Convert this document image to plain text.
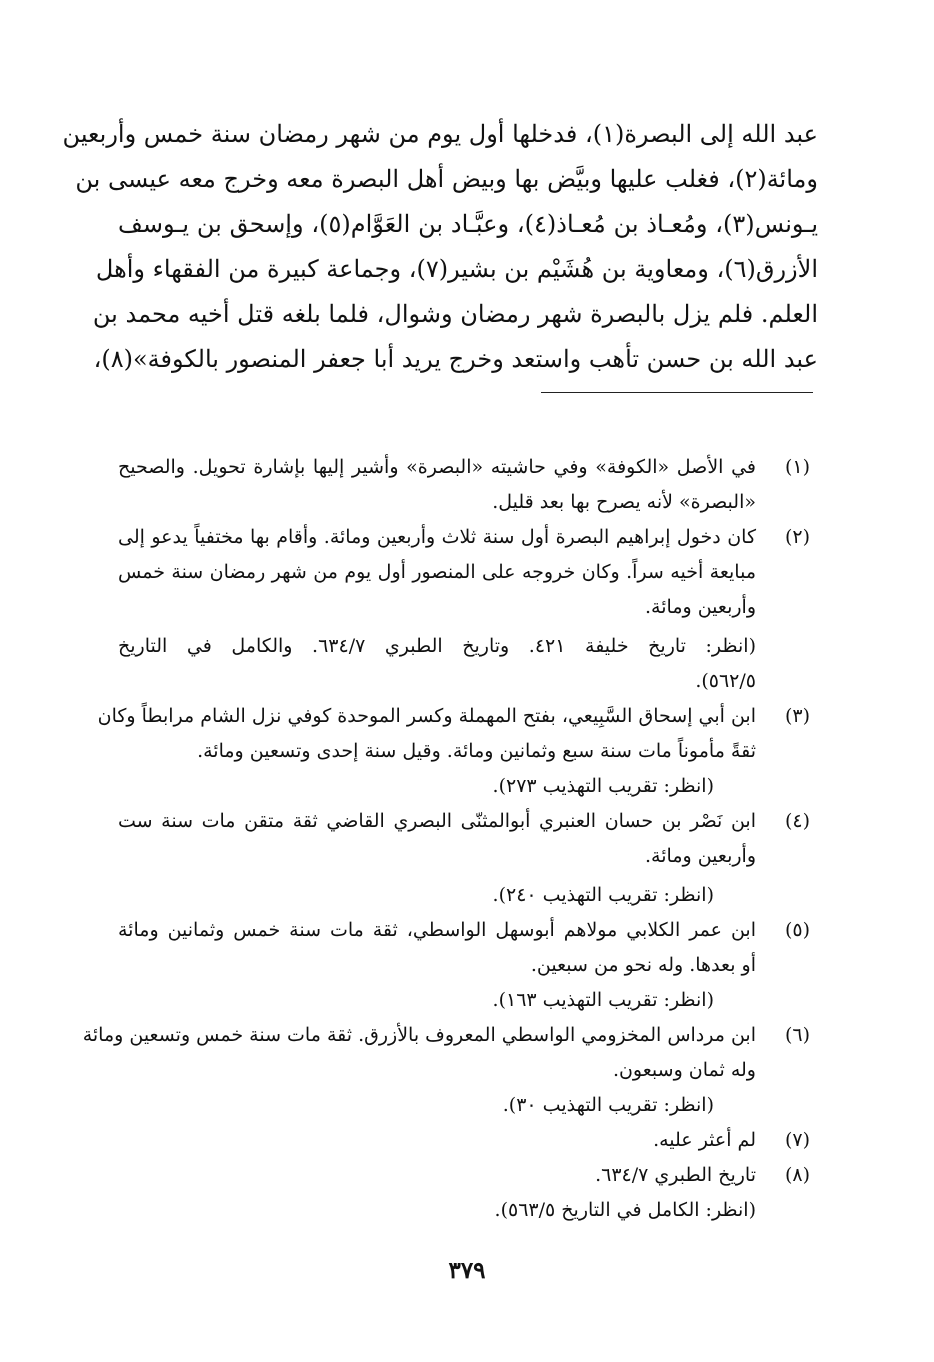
عبد الله إلى البصرة(١)، فدخلها أول يوم من شهر رمضان سنة خمس وأربعين
ومائة(٢)، فغلب عليها وبيَّض بها وبيض أهل البصرة معه وخرج معه عيسى بن
يـونس(٣)، ومُعـاذ بن مُعـاذ(٤)، وعبَّـاد بن العَوَّام(٥)، وإسحق بن يـوسف
الأزرق(٦)، ومعاوية بن هُشَيْم بن بشير(٧)، وجماعة كبيرة من الفقهاء وأهل
العلم. فلم يزل بالبصرة شهر رمضان وشوال، فلما بلغه قتل أخيه محمد بن
عبد الله بن حسن تأهب واستعد وخرج يريد أبا جعفر المنصور بالكوفة»(٨)،
(١)
في الأصل «الكوفة» وفي حاشيته «البصرة» وأشير إليها بإشارة تحويل. والصحيح
«البصرة» لأنه يصرح بها بعد قليل.
(٢)
كان دخول إبراهيم البصرة أول سنة ثلاث وأربعين ومائة. وأقام بها مختفياً يدعو إلى
مبايعة أخيه سراً. وكان خروجه على المنصور أول يوم من شهر رمضان سنة خمس
وأربعين ومائة.
(انظر: تاريخ خليفة ٤٢١. وتاريخ الطبري ٦٣٤/٧. والكامل في التاريخ
٥٦٢/٥).
(٣)
ابن أبي إسحاق السَّبِيعي، بفتح المهملة وكسر الموحدة كوفي نزل الشام مرابطاً وكان
ثقةً مأموناً مات سنة سبع وثمانين ومائة. وقيل سنة إحدى وتسعين ومائة.
(انظر: تقريب التهذيب ٢٧٣).
(٤)
ابن نَصْر بن حسان العنبري أبوالمثنّى البصري القاضي ثقة متقن مات سنة ست
وأربعين ومائة.
(انظر: تقريب التهذيب ٢٤٠).
(٥)
ابن عمر الكلابي مولاهم أبوسهل الواسطي، ثقة مات سنة خمس وثمانين ومائة
أو بعدها. وله نحو من سبعين.
(انظر: تقريب التهذيب ١٦٣).
(٦)
ابن مرداس المخزومي الواسطي المعروف بالأزرق. ثقة مات سنة خمس وتسعين ومائة
وله ثمان وسبعون.
(انظر: تقريب التهذيب ٣٠).
(٧)
لم أعثر عليه.
(٨)
تاريخ الطبري ٦٣٤/٧.
(انظر: الكامل في التاريخ ٥٦٣/٥).
٣٧٩
